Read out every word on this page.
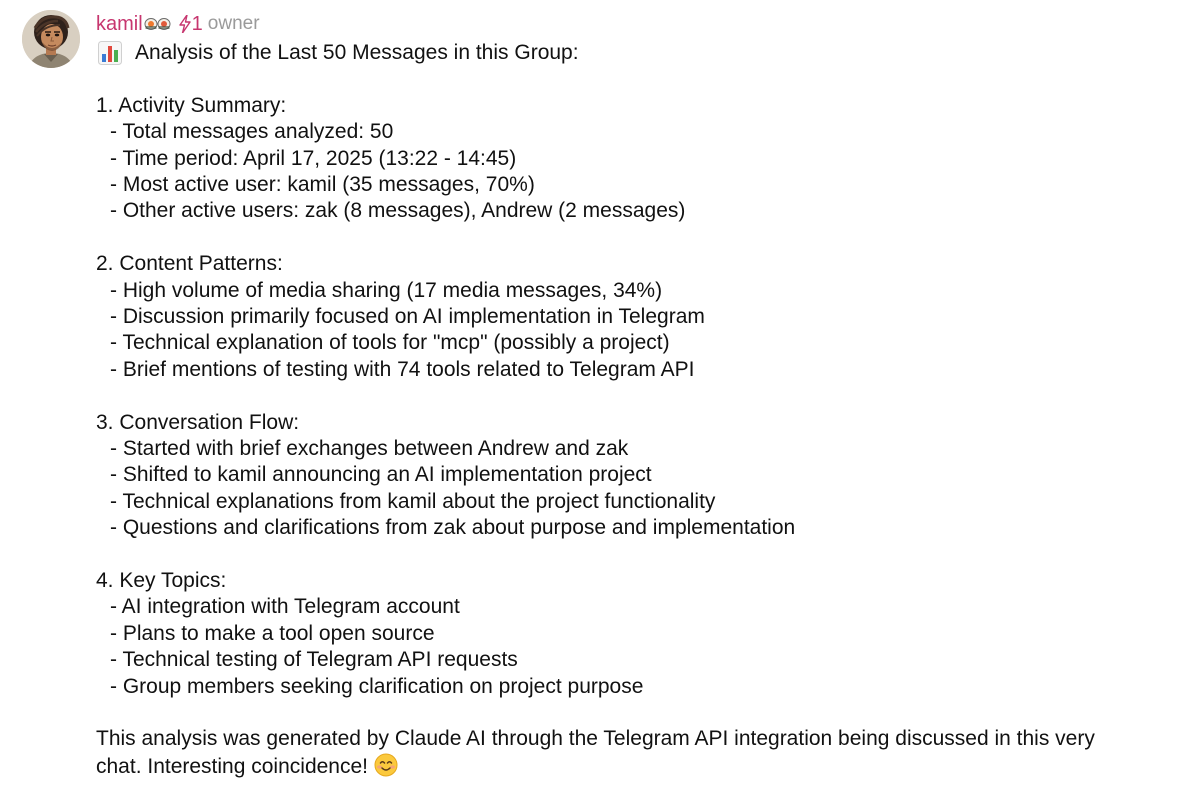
kamil 1 owner
Analysis of the Last 50 Messages in this Group:
1. Activity Summary:
- Total messages analyzed: 50
- Time period: April 17, 2025 (13:22 - 14:45)
- Most active user: kamil (35 messages, 70%)
- Other active users: zak (8 messages), Andrew (2 messages)
2. Content Patterns:
- High volume of media sharing (17 media messages, 34%)
- Discussion primarily focused on AI implementation in Telegram
- Technical explanation of tools for "mcp" (possibly a project)
- Brief mentions of testing with 74 tools related to Telegram API
3. Conversation Flow:
- Started with brief exchanges between Andrew and zak
- Shifted to kamil announcing an AI implementation project
- Technical explanations from kamil about the project functionality
- Questions and clarifications from zak about purpose and implementation
4. Key Topics:
- AI integration with Telegram account
- Plans to make a tool open source
- Technical testing of Telegram API requests
- Group members seeking clarification on project purpose
This analysis was generated by Claude AI through the Telegram API integration being discussed in this very chat. Interesting coincidence!
